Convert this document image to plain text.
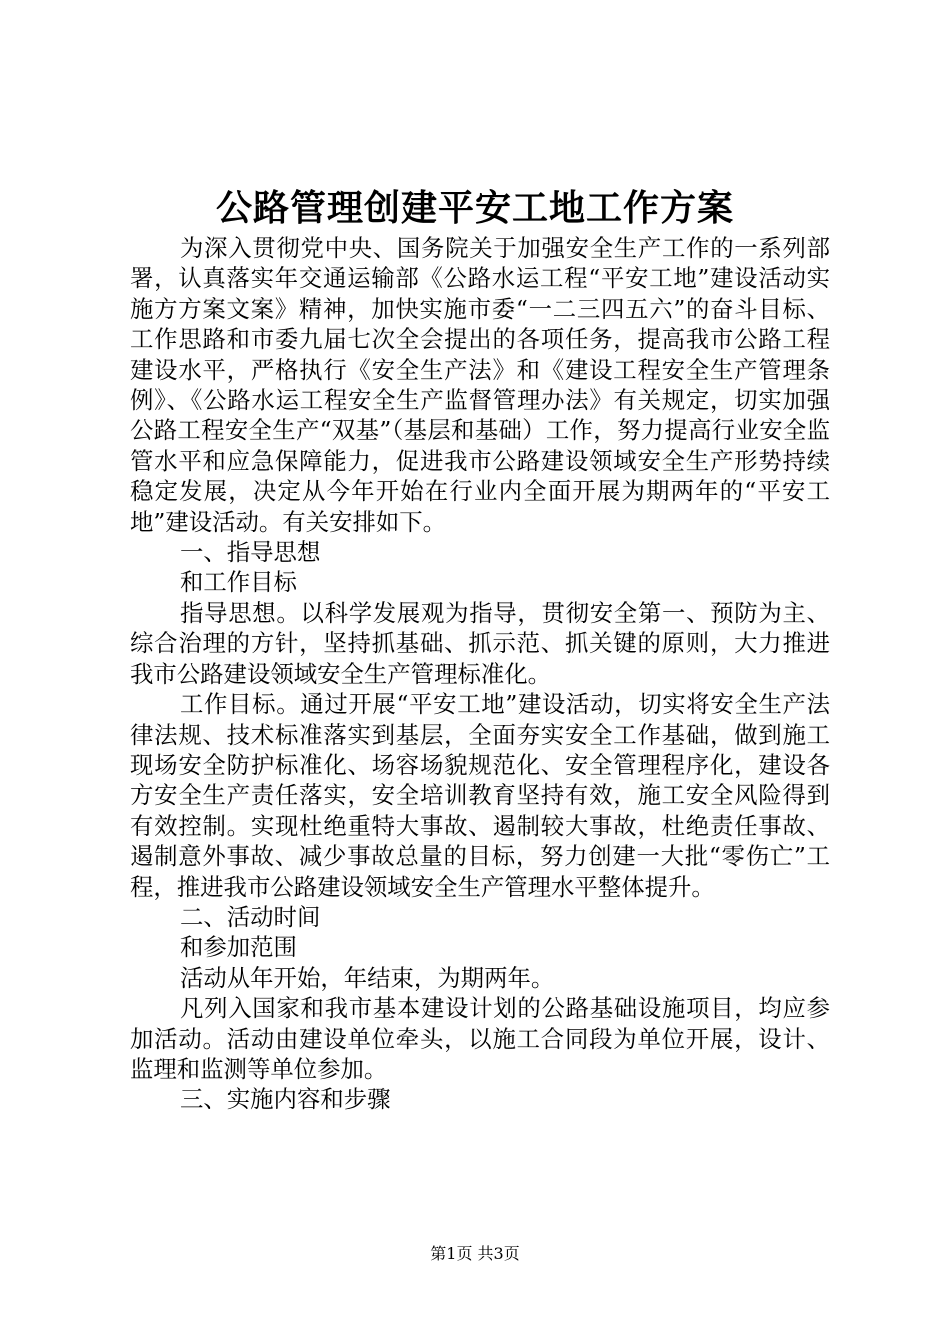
公路管理创建平安工地工作方案

为深入贯彻党中央、国务院关于加强安全生产工作的一系列部署，认真落实年交通运输部《公路水运工程“平安工地”建设活动实施方方案文案》精神，加快实施市委“一二三四五六”的奋斗目标、工作思路和市委九届七次全会提出的各项任务，提高我市公路工程建设水平，严格执行《安全生产法》和《建设工程安全生产管理条例》、《公路水运工程安全生产监督管理办法》有关规定，切实加强公路工程安全生产“双基”（基层和基础）工作，努力提高行业安全监管水平和应急保障能力，促进我市公路建设领域安全生产形势持续稳定发展，决定从今年开始在行业内全面开展为期两年的“平安工地”建设活动。有关安排如下。

一、指导思想

和工作目标

指导思想。以科学发展观为指导，贯彻安全第一、预防为主、综合治理的方针，坚持抓基础、抓示范、抓关键的原则，大力推进我市公路建设领域安全生产管理标准化。

工作目标。通过开展“平安工地”建设活动，切实将安全生产法律法规、技术标准落实到基层，全面夯实安全工作基础，做到施工现场安全防护标准化、场容场貌规范化、安全管理程序化，建设各方安全生产责任落实，安全培训教育坚持有效，施工安全风险得到有效控制。实现杜绝重特大事故、遏制较大事故，杜绝责任事故、遏制意外事故、减少事故总量的目标，努力创建一大批“零伤亡”工程，推进我市公路建设领域安全生产管理水平整体提升。

二、活动时间

和参加范围

活动从年开始，年结束，为期两年。

凡列入国家和我市基本建设计划的公路基础设施项目，均应参加活动。活动由建设单位牵头，以施工合同段为单位开展，设计、监理和监测等单位参加。

三、实施内容和步骤

第1页 共3页
